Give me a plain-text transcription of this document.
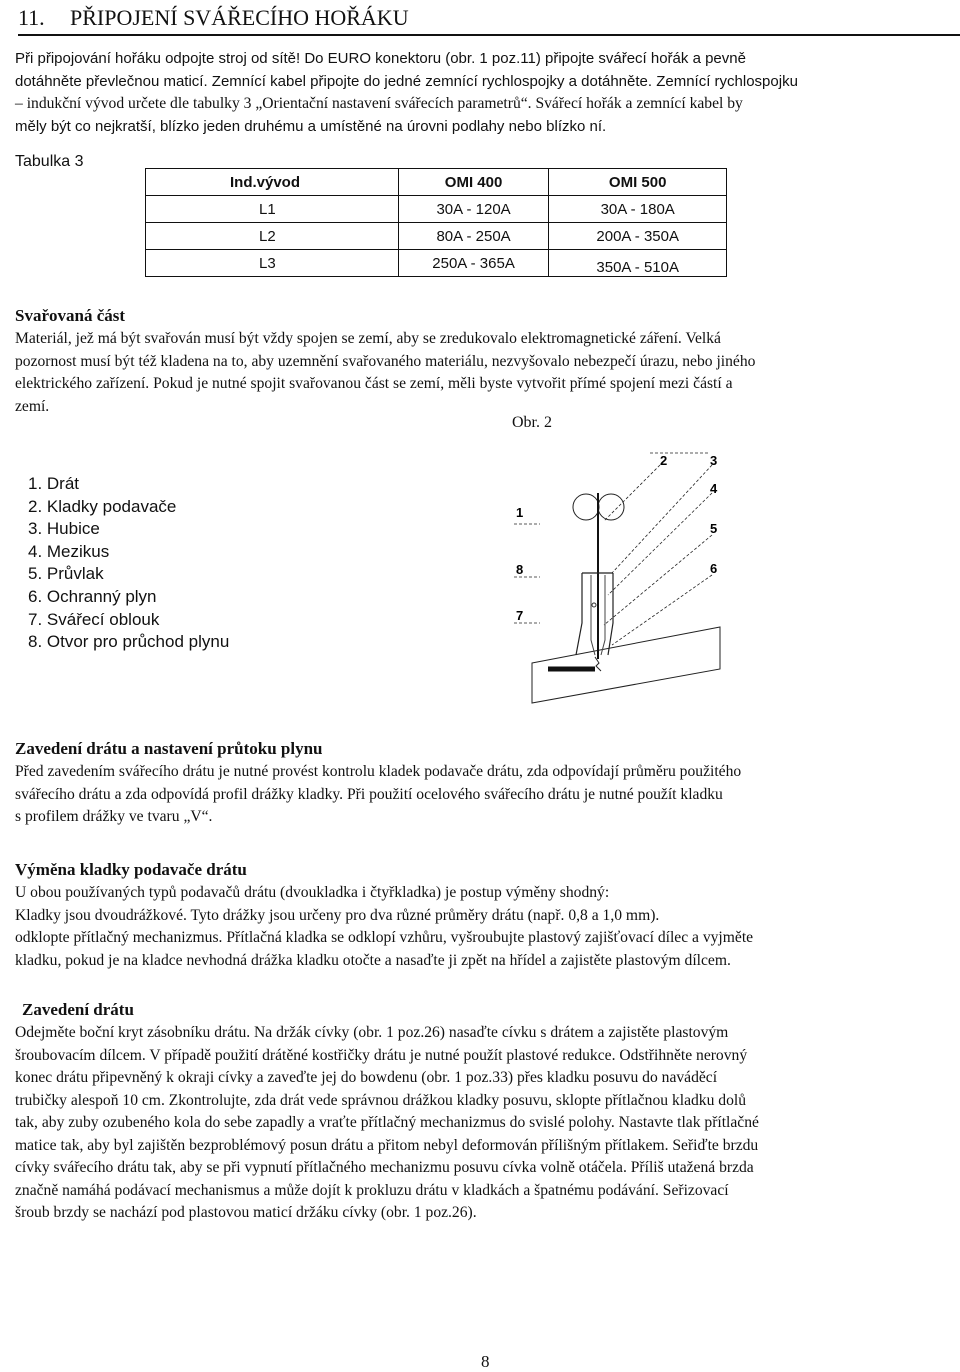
11. PŘIPOJENÍ SVÁŘECÍHO HOŘÁKU

Při připojování hořáku odpojte stroj od sítě! Do EURO konektoru (obr. 1 poz.11) připojte svářecí hořák a pevně

dotáhněte převlečnou maticí. Zemnící kabel připojte do jedné zemnící rychlospojky a dotáhněte. Zemnící rychlospojku

– indukční vývod určete dle tabulky 3 „Orientační nastavení svářecích parametrů“. Svářecí hořák a zemnící kabel by

měly být co nejkratší, blízko jeden druhému a umístěné na úrovni podlahy nebo blízko ní.

Tabulka 3
Ind.vývod	OMI 400	OMI 500
L1	30A - 120A	30A - 180A
L2	80A - 250A	200A - 350A
L3	250A - 365A	350A - 510A
Svařovaná část

Materiál, jež má být svařován musí být vždy spojen se zemí, aby se zredukovalo elektromagnetické záření. Velká

pozornost musí být též kladena na to, aby uzemnění svařovaného materiálu, nezvyšovalo nebezpečí úrazu, nebo jiného

elektrického zařízení. Pokud je nutné spojit svařovanou část se zemí, měli byste vytvořit přímé spojení mezi částí a

zemí.

Obr. 2
1. Drát
2. Kladky podavače
3. Hubice
4. Mezikus
5. Průvlak
6. Ochranný plyn
7. Svářecí oblouk
8. Otvor pro průchod plynu
1
2	3
4
5
6
7
8
Zavedení drátu a nastavení průtoku plynu

Před zavedením svářecího drátu je nutné provést kontrolu kladek podavače drátu, zda odpovídají průměru použitého

svářecího drátu a zda odpovídá profil drážky kladky. Při použití ocelového svářecího drátu je nutné použít kladku

s profilem drážky ve tvaru „V“.

Výměna kladky podavače drátu

U obou používaných typů podavačů drátu (dvoukladka i čtyřkladka) je postup výměny shodný:

Kladky jsou dvoudrážkové. Tyto drážky jsou určeny pro dva různé průměry drátu (např. 0,8 a 1,0 mm).

odklopte přítlačný mechanizmus. Přítlačná kladka se odklopí vzhůru, vyšroubujte plastový zajišťovací dílec a vyjměte

kladku, pokud je na kladce nevhodná drážka kladku otočte a nasaďte ji zpět na hřídel a zajistěte plastovým dílcem.

Zavedení drátu

Odejměte boční kryt zásobníku drátu. Na držák cívky (obr. 1 poz.26) nasaďte cívku s drátem a zajistěte plastovým

šroubovacím dílcem. V případě použití drátěné kostřičky drátu je nutné použít plastové redukce. Odstřihněte nerovný

konec drátu připevněný k okraji cívky a zaveďte jej do bowdenu (obr. 1 poz.33) přes kladku posuvu do naváděcí

trubičky alespoň 10 cm. Zkontrolujte, zda drát vede správnou drážkou kladky posuvu, sklopte přítlačnou kladku dolů

tak, aby zuby ozubeného kola do sebe zapadly a vraťte přítlačný mechanizmus do svislé polohy. Nastavte tlak přítlačné

matice tak, aby byl zajištěn bezproblémový posun drátu a přitom nebyl deformován přílišným přítlakem. Seřiďte brzdu

cívky svářecího drátu tak, aby se při vypnutí přítlačného mechanizmu posuvu cívka volně otáčela. Příliš utažená brzda

značně namáhá podávací mechanismus a může dojít k prokluzu drátu v kladkách a špatnému podávání. Seřizovací

šroub brzdy se nachází pod plastovou maticí držáku cívky (obr. 1 poz.26).

8
